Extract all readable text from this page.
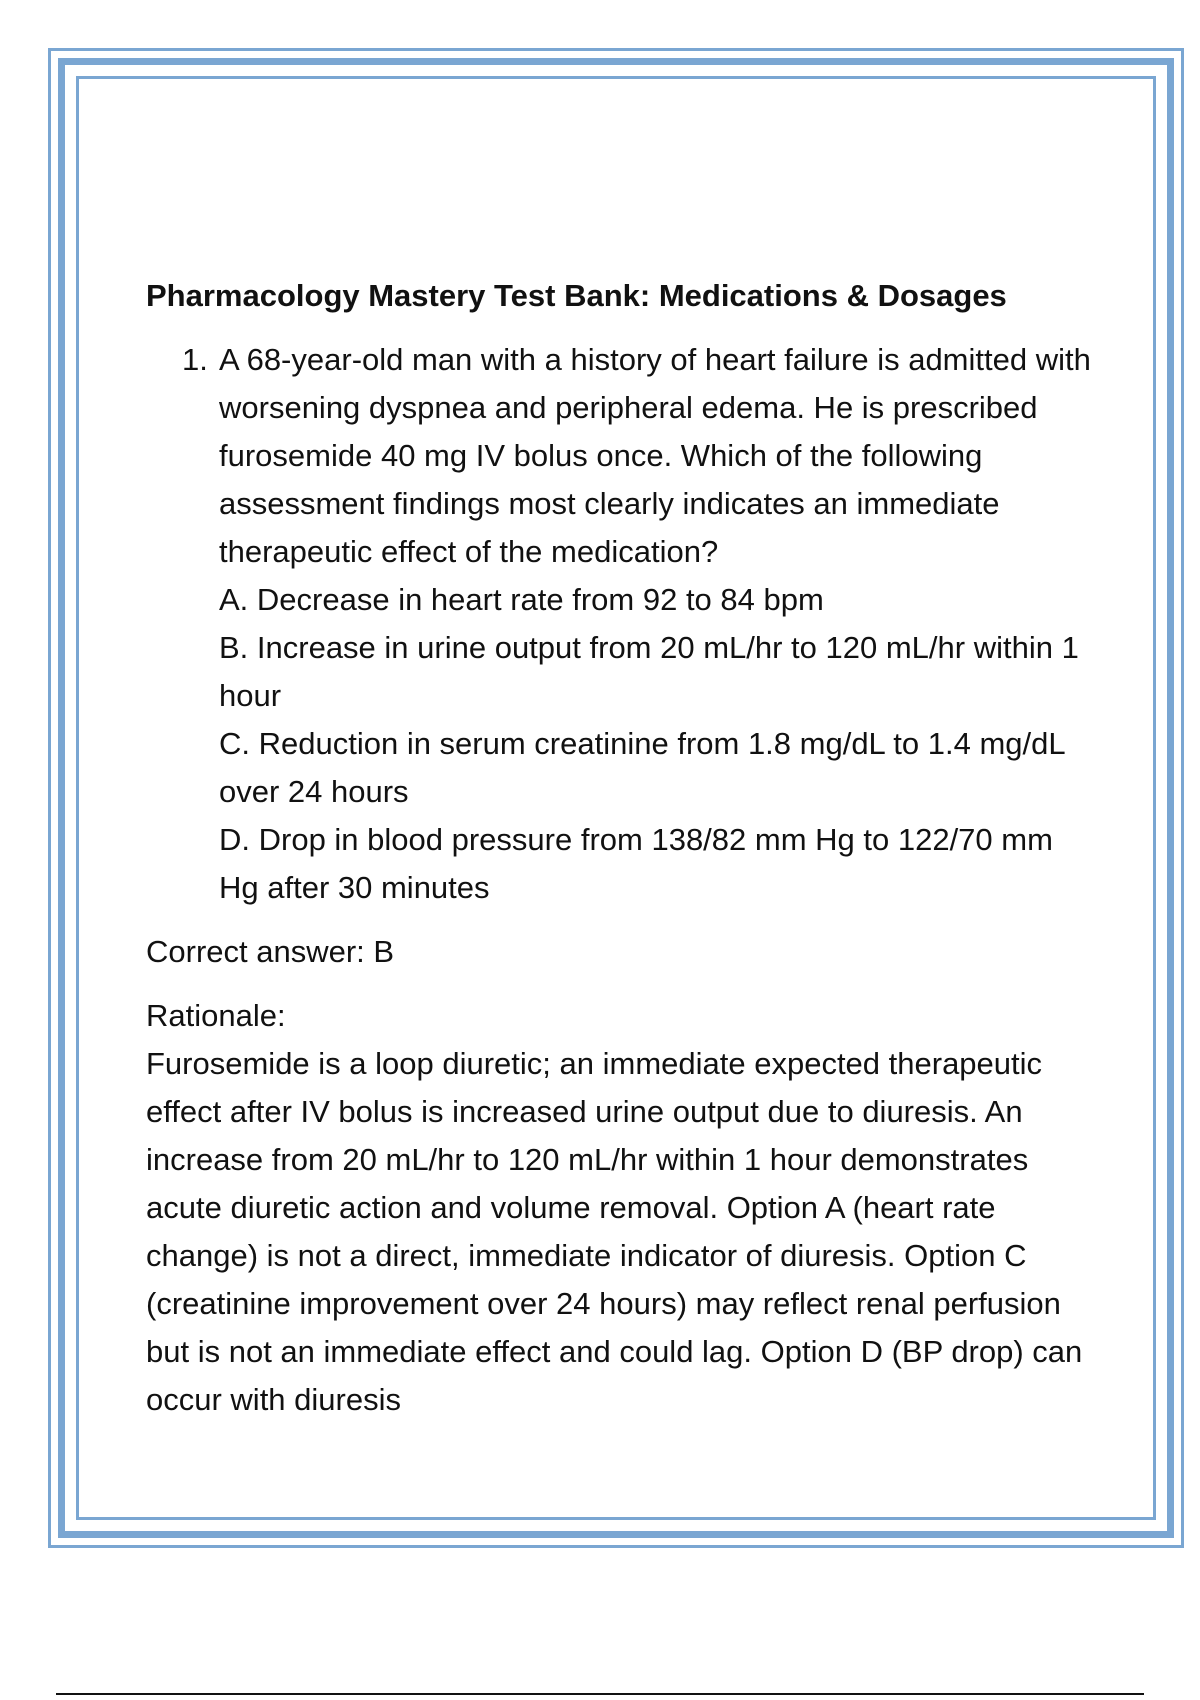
Pharmacology Mastery Test Bank: Medications & Dosages
1. A 68-year-old man with a history of heart failure is admitted with worsening dyspnea and peripheral edema. He is prescribed furosemide 40 mg IV bolus once. Which of the following assessment findings most clearly indicates an immediate therapeutic effect of the medication?
A. Decrease in heart rate from 92 to 84 bpm
B. Increase in urine output from 20 mL/hr to 120 mL/hr within 1 hour
C. Reduction in serum creatinine from 1.8 mg/dL to 1.4 mg/dL over 24 hours
D. Drop in blood pressure from 138/82 mm Hg to 122/70 mm Hg after 30 minutes
Correct answer: B
Rationale:
Furosemide is a loop diuretic; an immediate expected therapeutic effect after IV bolus is increased urine output due to diuresis. An increase from 20 mL/hr to 120 mL/hr within 1 hour demonstrates acute diuretic action and volume removal. Option A (heart rate change) is not a direct, immediate indicator of diuresis. Option C (creatinine improvement over 24 hours) may reflect renal perfusion but is not an immediate effect and could lag. Option D (BP drop) can occur with diuresis
